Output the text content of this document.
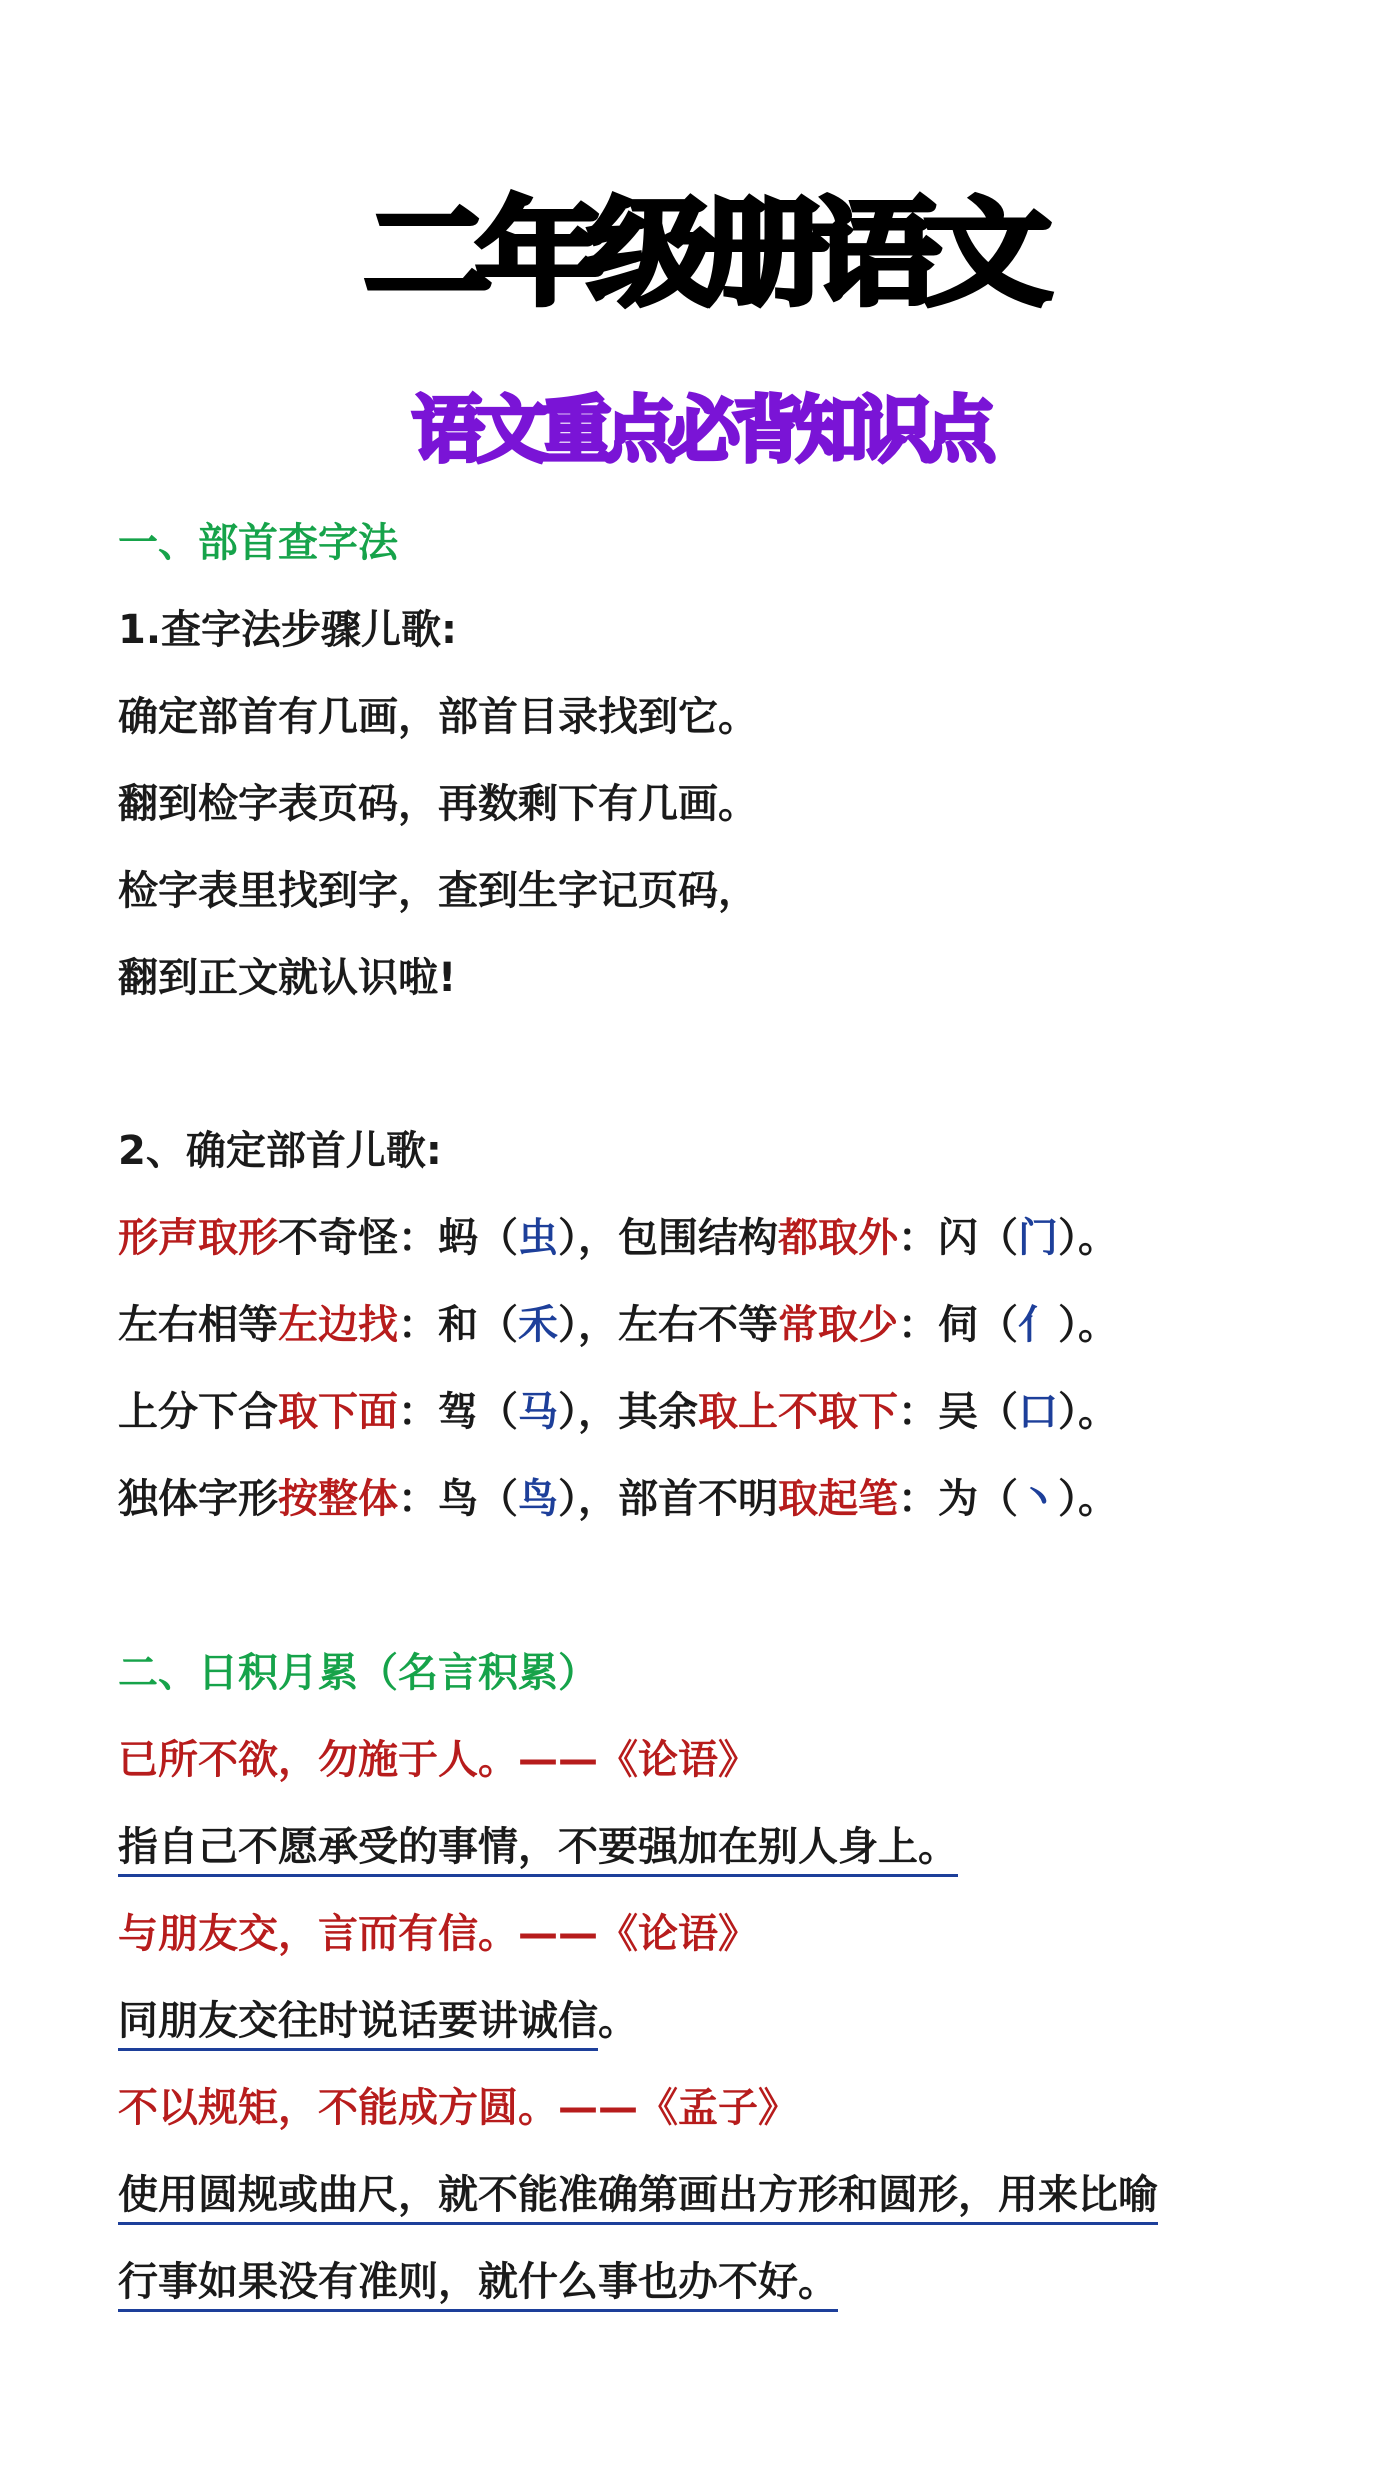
二年级册语文
语文重点必背知识点
一、部首查字法
1.查字法步骤儿歌:
确定部首有几画，部首目录找到它。
翻到检字表页码，再数剩下有几画。
检字表里找到字，查到生字记页码，
翻到正文就认识啦!
2、确定部首儿歌:
形声取形不奇怪：蚂（虫），包围结构都取外：闪（门）。
左右相等左边找：和（禾），左右不等常取少：伺（亻）。
上分下合取下面：驾（马），其余取上不取下：吴（口）。
独体字形按整体：鸟（鸟），部首不明取起笔：为（丶）。
二、日积月累（名言积累）
已所不欲，勿施于人。——《论语》
指自己不愿承受的事情，不要强加在别人身上。
与朋友交，言而有信。——《论语》
同朋友交往时说话要讲诚信。
不以规矩，不能成方圆。——《孟子》
使用圆规或曲尺，就不能准确第画出方形和圆形，用来比喻
行事如果没有准则，就什么事也办不好。
